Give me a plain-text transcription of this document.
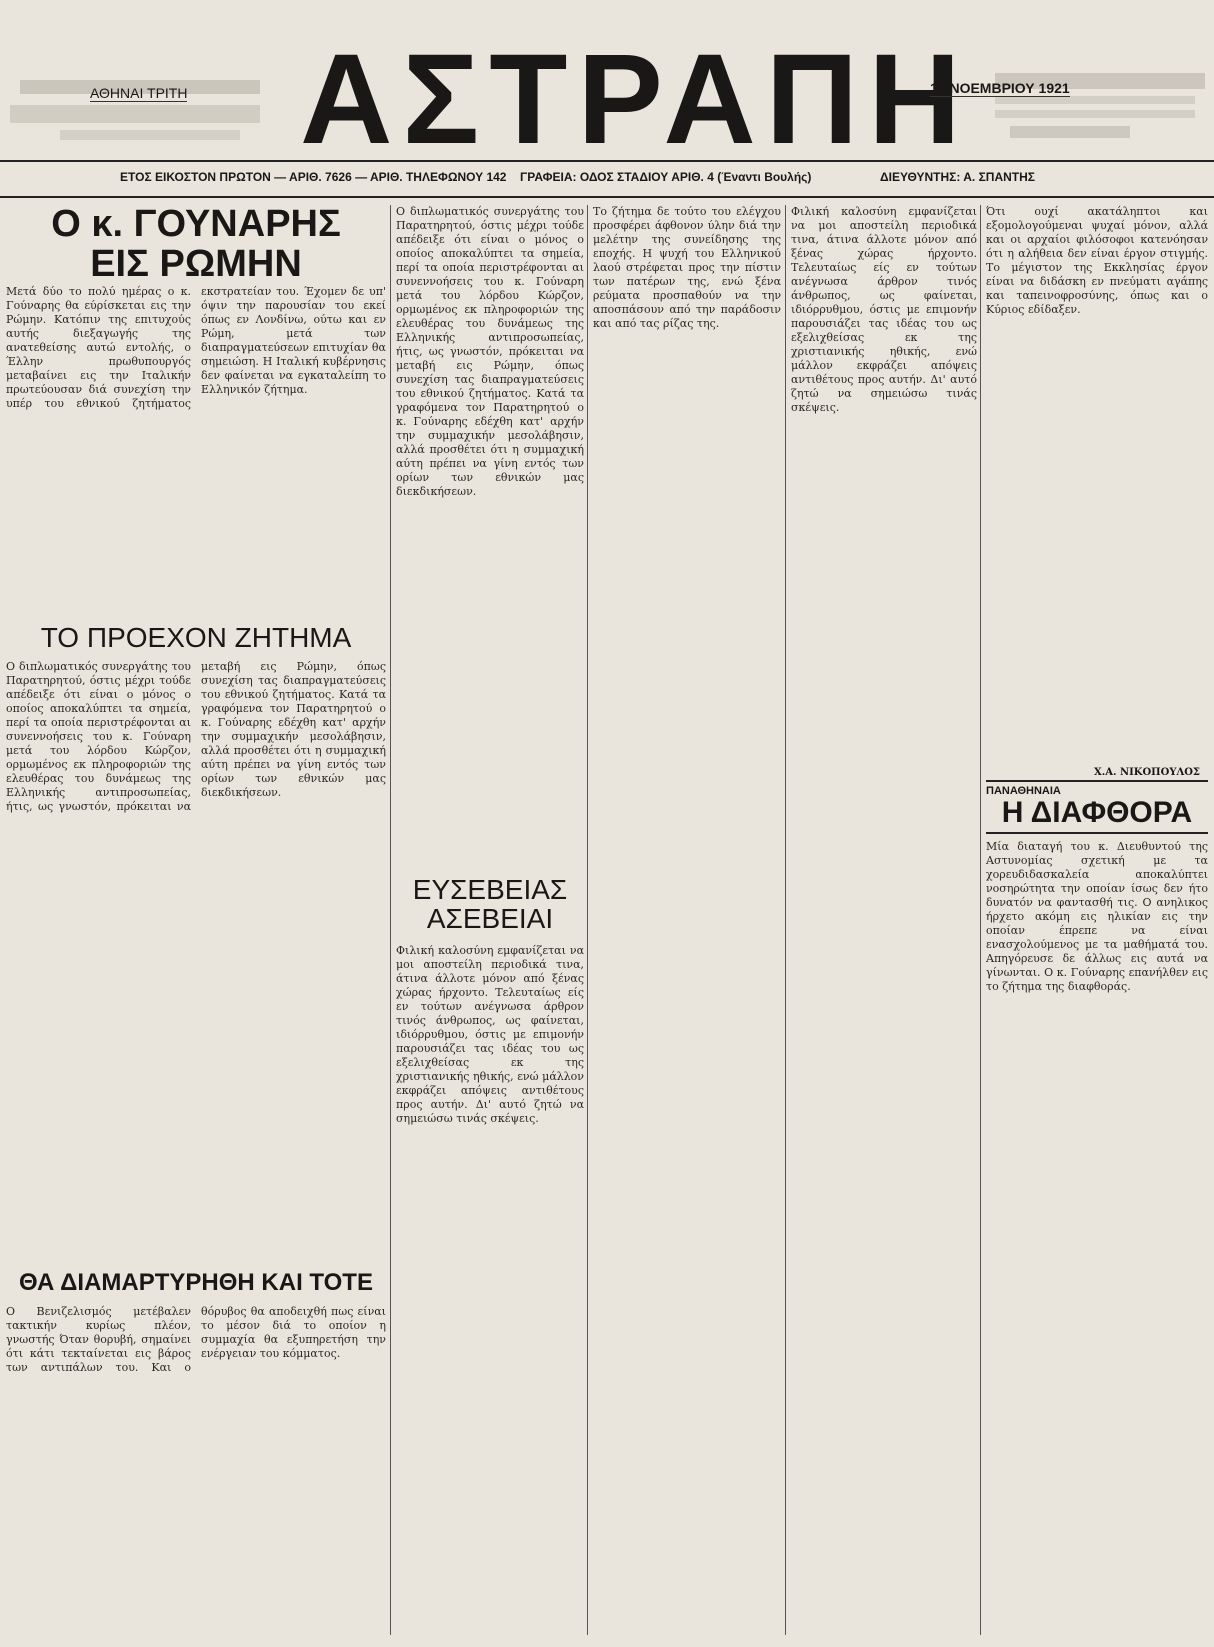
ΑΘΗΝΑΙ ΤΡΙΤΗ ΑΣΤΡΑΠΗ
16 ΝΟΕΜΒΡΙΟΥ 1921
ΕΤΟΣ ΕΙΚΟΣΤΟΝ ΠΡΩΤΟΝ — ΑΡΙΘ. 7626 — ΑΡΙΘ. ΤΗΛΕΦΩΝΟΥ 142 ΓΡΑΦΕΙΑ: ΟΔΟΣ ΣΤΑΔΙΟΥ ΑΡΙΘ. 4 (Έναντι Βουλής)	ΔΙΕΥΘΥΝΤΗΣ: Α. ΣΠΑΝΤΗΣ
Ο κ. ΓΟΥΝΑΡΗΣ
ΕΙΣ ΡΩΜΗΝ
Μετά δύο το πολύ ημέρας ο κ. Γούναρης θα εύρίσκεται εις την Ρώμην. Κατόπιν της επιτυχούς αυτής διεξαγωγής της ανατεθείσης αυτώ εντολής, ο Έλλην πρωθυπουργός μεταβαίνει εις την Ιταλικήν πρωτεύουσαν διά συνεχίση την υπέρ του εθνικού ζητήματος εκστρατείαν του. Έχομεν δε υπ' όψιν την παρουσίαν του εκεί όπως εν Λονδίνω, ούτω και εν Ρώμη, μετά των διαπραγματεύσεων επιτυχίαν θα σημειώση. Η Ιταλική κυβέρνησις δεν φαίνεται να εγκαταλείπη το Ελληνικόν ζήτημα.
ΤΟ ΠΡΟΕΧΟΝ ΖΗΤΗΜΑ
Ο διπλωματικός συνεργάτης του Παρατηρητού, όστις μέχρι τούδε απέδειξε ότι είναι ο μόνος ο οποίος αποκαλύπτει τα σημεία, περί τα οποία περιστρέφονται αι συνεννοήσεις του κ. Γούναρη μετά του λόρδου Κώρζον, ορμωμένος εκ πληροφοριών της ελευθέρας του δυνάμεως της Ελληνικής αντιπροσωπείας, ήτις, ως γνωστόν, πρόκειται να μεταβή εις Ρώμην, όπως συνεχίση τας διαπραγματεύσεις του εθνικού ζητήματος. Κατά τα γραφόμενα τον Παρατηρητού ο κ. Γούναρης εδέχθη κατ' αρχήν την συμμαχικήν μεσολάβησιν, αλλά προσθέτει ότι η συμμαχική αύτη πρέπει να γίνη εντός των ορίων των εθνικών μας διεκδικήσεων.
ΘΑ ΔΙΑΜΑΡΤΥΡΗΘΗ ΚΑΙ ΤΟΤΕ
Ο Βενιζελισμός μετέβαλεν τακτικήν κυρίως πλέον, γνωστής Όταν θορυβή, σημαίνει ότι κάτι τεκταίνεται εις βάρος των αντιπάλων του. Και ο θόρυβος θα αποδειχθή πως είναι το μέσον διά το οποίον η συμμαχία θα εξυπηρετήση την ενέργειαν του κόμματος.
Ο διπλωματικός συνεργάτης του Παρατηρητού, όστις μέχρι τούδε απέδειξε ότι είναι ο μόνος ο οποίος αποκαλύπτει τα σημεία, περί τα οποία περιστρέφονται αι συνεννοήσεις του κ. Γούναρη μετά του λόρδου Κώρζον, ορμωμένος εκ πληροφοριών της ελευθέρας του δυνάμεως της Ελληνικής αντιπροσωπείας, ήτις, ως γνωστόν, πρόκειται να μεταβή εις Ρώμην, όπως συνεχίση τας διαπραγματεύσεις του εθνικού ζητήματος. Κατά τα γραφόμενα τον Παρατηρητού ο κ. Γούναρης εδέχθη κατ' αρχήν την συμμαχικήν μεσολάβησιν, αλλά προσθέτει ότι η συμμαχική αύτη πρέπει να γίνη εντός των ορίων των εθνικών μας διεκδικήσεων.
ΕΥΣΕΒΕΙΑΣ
ΑΣΕΒΕΙΑΙ
Φιλική καλοσύνη εμφανίζεται να μοι αποστείλη περιοδικά τινα, άτινα άλλοτε μόνον από ξένας χώρας ήρχοντο. Τελευταίως είς εν τούτων ανέγνωσα άρθρον τινός άνθρωπος, ως φαίνεται, ιδιόρρυθμου, όστις με επιμονήν παρουσιάζει τας ιδέας του ως εξελιχθείσας εκ της χριστιανικής ηθικής, ενώ μάλλον εκφράζει απόψεις αντιθέτους προς αυτήν. Δι' αυτό ζητώ να σημειώσω τινάς σκέψεις.
Το ζήτημα δε τούτο του ελέγχου προσφέρει άφθονον ύλην διά την μελέτην της συνείδησης της εποχής. Η ψυχή του Ελληνικού λαού στρέφεται προς την πίστιν των πατέρων της, ενώ ξένα ρεύματα προσπαθούν να την αποσπάσουν από την παράδοσιν και από τας ρίζας της.
Φιλική καλοσύνη εμφανίζεται να μοι αποστείλη περιοδικά τινα, άτινα άλλοτε μόνον από ξένας χώρας ήρχοντο. Τελευταίως είς εν τούτων ανέγνωσα άρθρον τινός άνθρωπος, ως φαίνεται, ιδιόρρυθμου, όστις με επιμονήν παρουσιάζει τας ιδέας του ως εξελιχθείσας εκ της χριστιανικής ηθικής, ενώ μάλλον εκφράζει απόψεις αντιθέτους προς αυτήν. Δι' αυτό ζητώ να σημειώσω τινάς σκέψεις.
Ότι ουχί ακατάληπτοι και εξομολογούμεναι ψυχαί μόνον, αλλά και οι αρχαίοι φιλόσοφοι κατενόησαν ότι η αλήθεια δεν είναι έργον στιγμής. Το μέγιστον της Εκκλησίας έργον είναι να διδάσκη εν πνεύματι αγάπης και ταπεινοφροσύνης, όπως και ο Κύριος εδίδαξεν.
Χ.Α. ΝΙΚΟΠΟΥΛΟΣ
ΠΑΝΑΘΗΝΑΙΑ
Η ΔΙΑΦΘΟΡΑ
Μία διαταγή του κ. Διευθυντού της Αστυνομίας σχετική με τα χορευδιδασκαλεία αποκαλύπτει νοσηρώτητα την οποίαν ίσως δεν ήτο δυνατόν να φαντασθή τις. Ο ανηλικος ήρχετο ακόμη εις ηλικίαν εις την οποίαν έπρεπε να είναι ενασχολούμενος με τα μαθήματά του. Απηγόρευσε δε άλλως εις αυτά να γίνωνται. Ο κ. Γούναρης επανήλθεν εις το ζήτημα της διαφθοράς.
